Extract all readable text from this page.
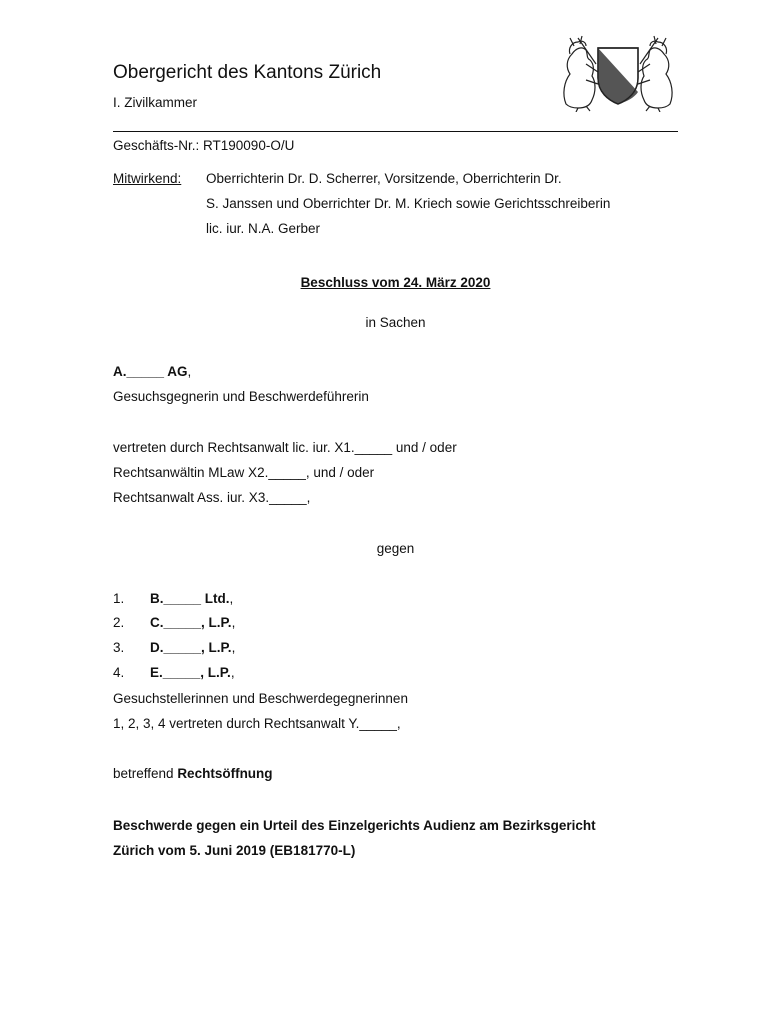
Obergericht des Kantons Zürich
I. Zivilkammer
Geschäfts-Nr.: RT190090-O/U
Mitwirkend: Oberrichterin Dr. D. Scherrer, Vorsitzende, Oberrichterin Dr.
S. Janssen und Oberrichter Dr. M. Kriech sowie Gerichtsschreiberin
lic. iur. N.A. Gerber
Beschluss vom 24. März 2020
in Sachen
A._____ AG,
Gesuchsgegnerin und Beschwerdeführerin
vertreten durch Rechtsanwalt lic. iur. X1._____ und / oder
Rechtsanwältin MLaw X2._____, und / oder
Rechtsanwalt Ass. iur. X3._____,
gegen
1. B._____ Ltd.,
2. C._____, L.P.,
3. D._____, L.P.,
4. E._____, L.P.,
Gesuchstellerinnen und Beschwerdegegnerinnen
1, 2, 3, 4 vertreten durch Rechtsanwalt Y._____,
betreffend Rechtsöffnung
Beschwerde gegen ein Urteil des Einzelgerichts Audienz am Bezirksgericht
Zürich vom 5. Juni 2019 (EB181770-L)
